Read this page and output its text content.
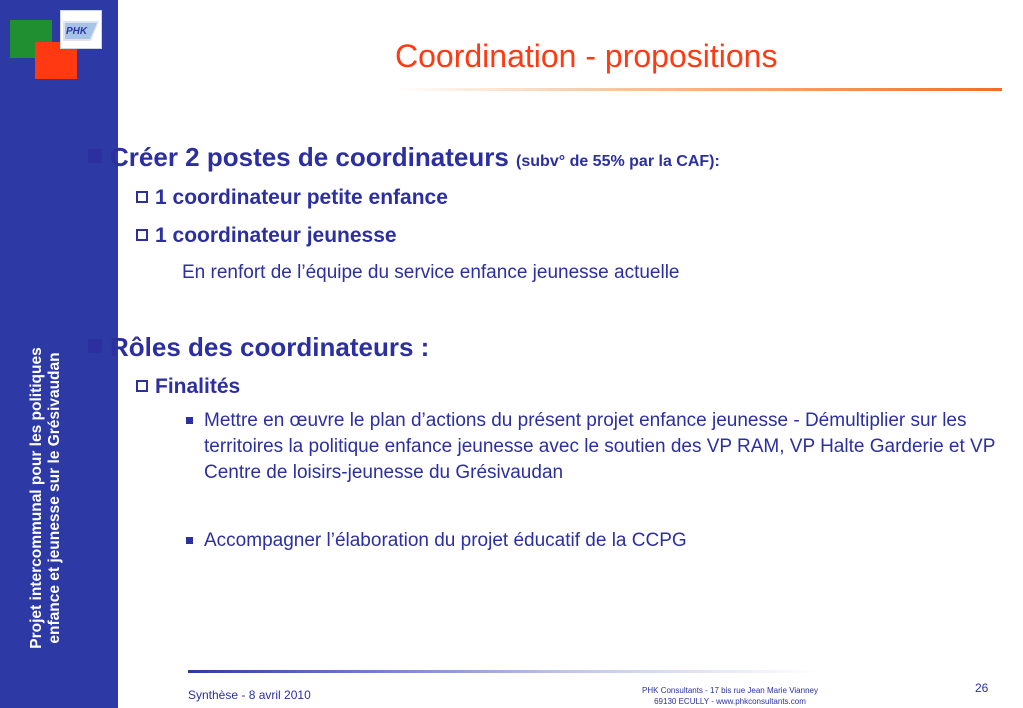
Projet intercommunal pour les politiques enfance et jeunesse sur le Grésivaudan
PHK
Coordination - propositions
Créer 2 postes de coordinateurs (subv° de 55% par la CAF):
1 coordinateur petite enfance
1 coordinateur jeunesse
En renfort de l’équipe du service enfance jeunesse actuelle
Rôles des coordinateurs :
Finalités
Mettre en œuvre le plan d’actions du présent projet enfance jeunesse - Démultiplier sur les territoires la politique enfance jeunesse avec le soutien des VP RAM, VP Halte Garderie et VP Centre de loisirs-jeunesse du Grésivaudan
Accompagner l’élaboration du projet éducatif de la CCPG
Synthèse - 8 avril 2010	PHK Consultants - 17 bis rue Jean Marie Vianney
69130 ECULLY - www.phkconsultants.com
26
